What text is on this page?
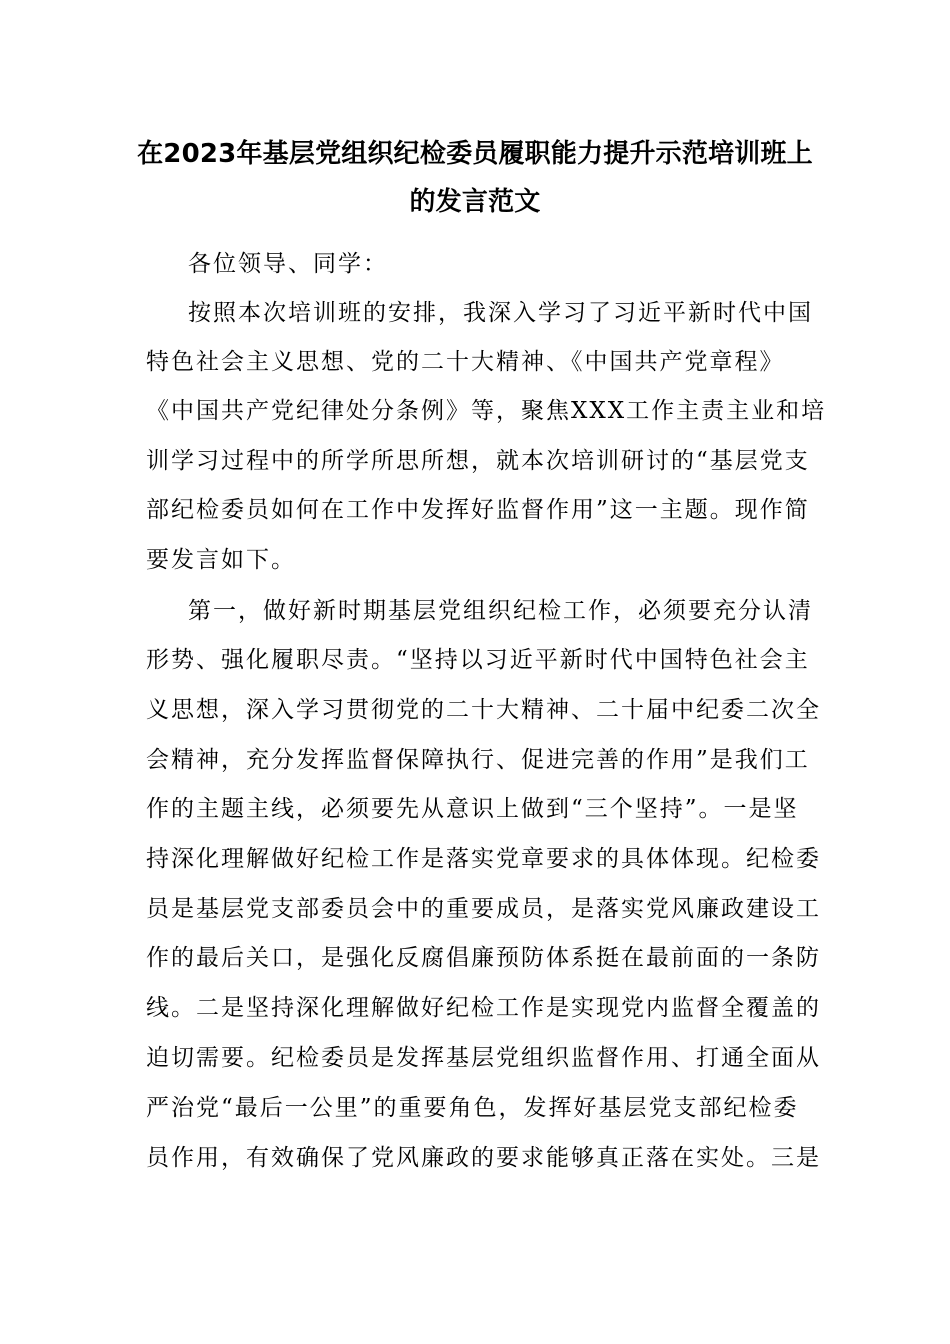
在2023年基层党组织纪检委员履职能力提升示范培训班上
的发言范文
各位领导、同学：
按照本次培训班的安排，我深入学习了习近平新时代中国
特色社会主义思想、党的二十大精神、《中国共产党章程》
《中国共产党纪律处分条例》等，聚焦XXX工作主责主业和培
训学习过程中的所学所思所想，就本次培训研讨的“基层党支
部纪检委员如何在工作中发挥好监督作用”这一主题。现作简
要发言如下。
第一，做好新时期基层党组织纪检工作，必须要充分认清
形势、强化履职尽责。“坚持以习近平新时代中国特色社会主
义思想，深入学习贯彻党的二十大精神、二十届中纪委二次全
会精神，充分发挥监督保障执行、促进完善的作用”是我们工
作的主题主线，必须要先从意识上做到“三个坚持”。一是坚
持深化理解做好纪检工作是落实党章要求的具体体现。纪检委
员是基层党支部委员会中的重要成员，是落实党风廉政建设工
作的最后关口，是强化反腐倡廉预防体系挺在最前面的一条防
线。二是坚持深化理解做好纪检工作是实现党内监督全覆盖的
迫切需要。纪检委员是发挥基层党组织监督作用、打通全面从
严治党“最后一公里”的重要角色，发挥好基层党支部纪检委
员作用，有效确保了党风廉政的要求能够真正落在实处。三是
